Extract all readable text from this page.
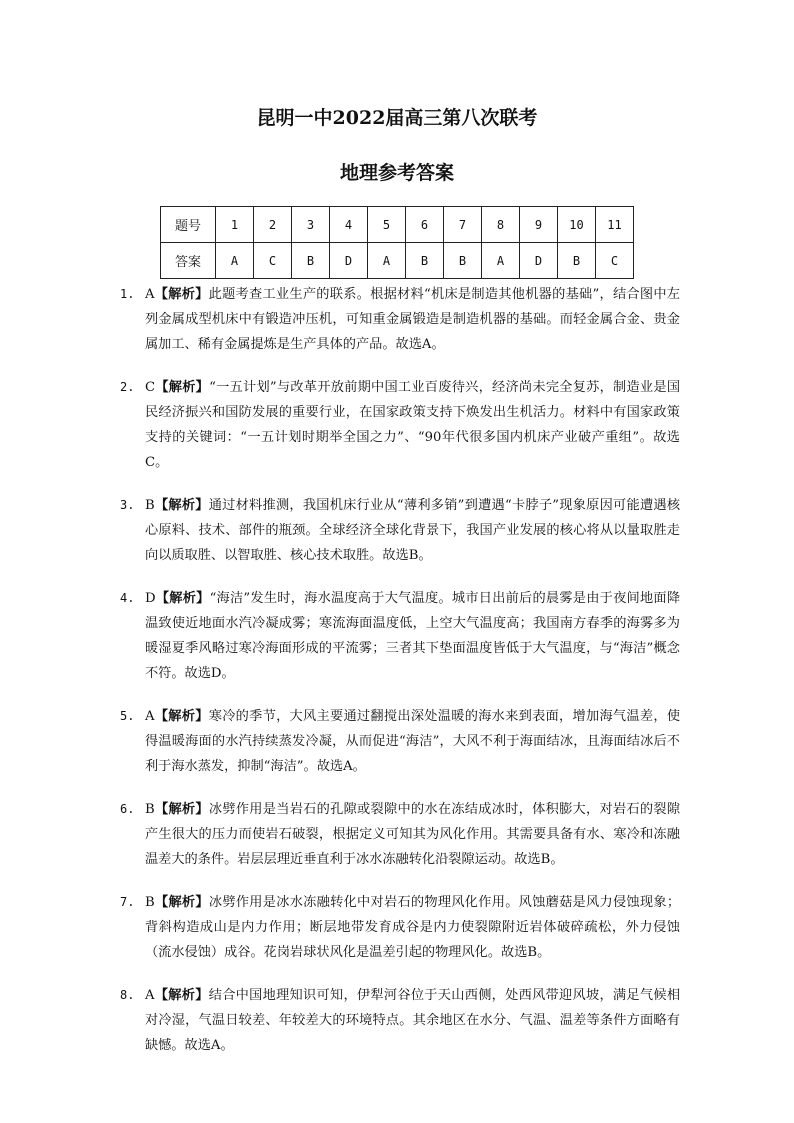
昆明一中2022届高三第八次联考
地理参考答案
题号	1	2	3	4	5	6	7	8	9	10	11
答案	A	C	B	D	A	B	B	A	D	B	C
1. A【解析】此题考查工业生产的联系。根据材料“机床是制造其他机器的基础”，结合图中左列金属成型机床中有锻造冲压机，可知重金属锻造是制造机器的基础。而轻金属合金、贵金属加工、稀有金属提炼是生产具体的产品。故选A。
2. C【解析】“一五计划”与改革开放前期中国工业百废待兴，经济尚未完全复苏，制造业是国民经济振兴和国防发展的重要行业，在国家政策支持下焕发出生机活力。材料中有国家政策支持的关键词：“一五计划时期举全国之力”、“90年代很多国内机床产业破产重组”。故选C。
3. B【解析】通过材料推测，我国机床行业从“薄利多销”到遭遇“卡脖子”现象原因可能遭遇核心原料、技术、部件的瓶颈。全球经济全球化背景下，我国产业发展的核心将从以量取胜走向以质取胜、以智取胜、核心技术取胜。故选B。
4. D【解析】“海洁”发生时，海水温度高于大气温度。城市日出前后的晨雾是由于夜间地面降温致使近地面水汽冷凝成雾；寒流海面温度低，上空大气温度高；我国南方春季的海雾多为暖湿夏季风略过寒冷海面形成的平流雾；三者其下垫面温度皆低于大气温度，与“海洁”概念不符。故选D。
5. A【解析】寒冷的季节，大风主要通过翻搅出深处温暖的海水来到表面，增加海气温差，使得温暖海面的水汽持续蒸发冷凝，从而促进“海洁”，大风不利于海面结冰，且海面结冰后不利于海水蒸发，抑制“海洁”。故选A。
6. B【解析】冰劈作用是当岩石的孔隙或裂隙中的水在冻结成冰时，体积膨大，对岩石的裂隙产生很大的压力而使岩石破裂，根据定义可知其为风化作用。其需要具备有水、寒冷和冻融温差大的条件。岩层层理近垂直利于冰水冻融转化沿裂隙运动。故选B。
7. B【解析】冰劈作用是冰水冻融转化中对岩石的物理风化作用。风蚀蘑菇是风力侵蚀现象；背斜构造成山是内力作用；断层地带发育成谷是内力使裂隙附近岩体破碎疏松，外力侵蚀（流水侵蚀）成谷。花岗岩球状风化是温差引起的物理风化。故选B。
8. A【解析】结合中国地理知识可知，伊犁河谷位于天山西侧，处西风带迎风坡，满足气候相对冷湿，气温日较差、年较差大的环境特点。其余地区在水分、气温、温差等条件方面略有缺憾。故选A。
